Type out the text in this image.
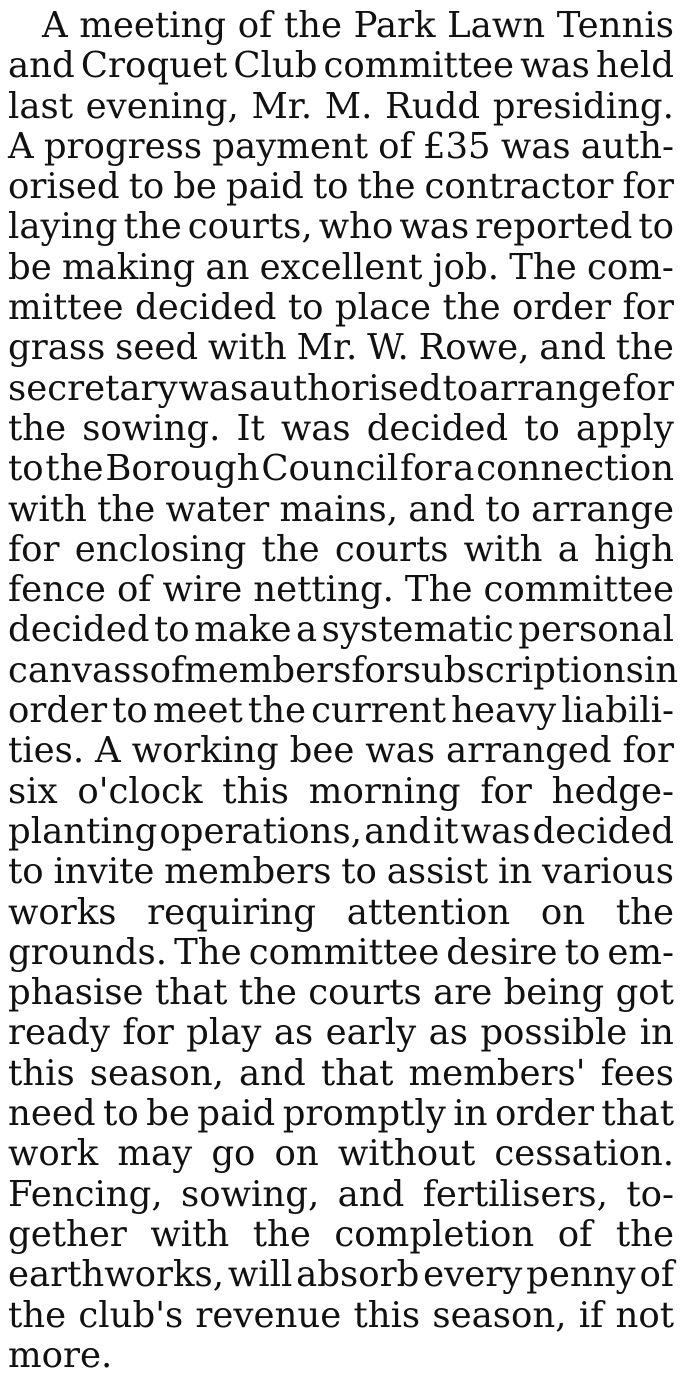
A meeting of the Park Lawn Tennis
and Croquet Club committee was held
last evening, Mr. M. Rudd presiding.
A progress payment of £35 was auth-
orised to be paid to the contractor for
laying the courts, who was reported to
be making an excellent job. The com-
mittee decided to place the order for
grass seed with Mr. W. Rowe, and the
secretary was authorised to arrange for
the sowing. It was decided to apply
to the Borough Council for a connection
with the water mains, and to arrange
for enclosing the courts with a high
fence of wire netting. The committee
decided to make a systematic personal
canvass of members for subscriptions in
order to meet the current heavy liabili-
ties. A working bee was arranged for
six o'clock this morning for hedge-
planting operations, and it was decided
to invite members to assist in various
works requiring attention on the
grounds. The committee desire to em-
phasise that the courts are being got
ready for play as early as possible in
this season, and that members' fees
need to be paid promptly in order that
work may go on without cessation.
Fencing, sowing, and fertilisers, to-
gether with the completion of the
earthworks, will absorb every penny of
the club's revenue this season, if not
more.
